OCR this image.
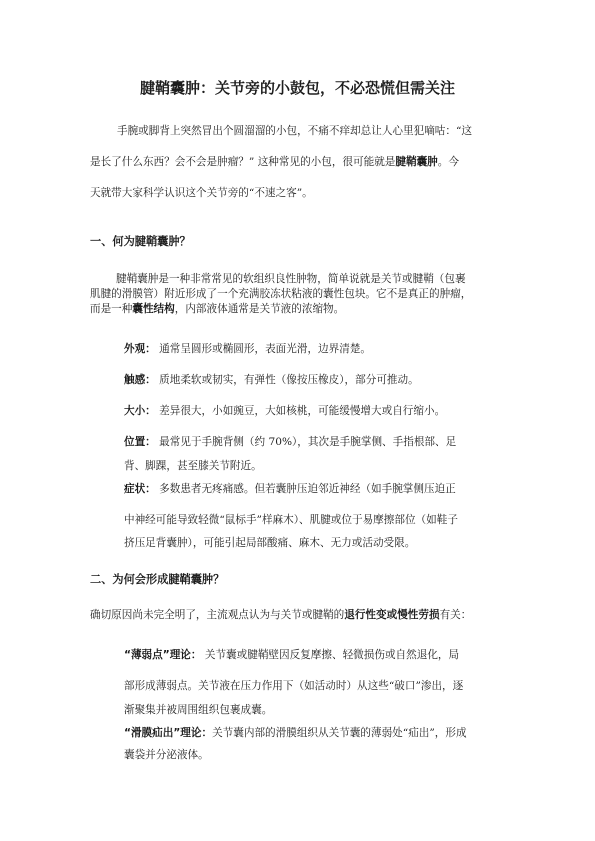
腱鞘囊肿：关节旁的小鼓包，不必恐慌但需关注
手腕或脚背上突然冒出个圆溜溜的小包，不痛不痒却总让人心里犯嘀咕：“这
是长了什么东西？会不会是肿瘤？” 这种常见的小包，很可能就是腱鞘囊肿。今
天就带大家科学认识这个关节旁的“不速之客”。
一、何为腱鞘囊肿？
腱鞘囊肿是一种非常常见的软组织良性肿物，简单说就是关节或腱鞘（包裹
肌腱的滑膜管）附近形成了一个充满胶冻状粘液的囊性包块。它不是真正的肿瘤，
而是一种囊性结构，内部液体通常是关节液的浓缩物。
外观： 通常呈圆形或椭圆形，表面光滑，边界清楚。
触感： 质地柔软或韧实，有弹性（像按压橡皮），部分可推动。
大小： 差异很大，小如豌豆，大如核桃，可能缓慢增大或自行缩小。
位置： 最常见于手腕背侧（约 70%），其次是手腕掌侧、手指根部、足
背、脚踝，甚至膝关节附近。
症状： 多数患者无疼痛感。但若囊肿压迫邻近神经（如手腕掌侧压迫正
中神经可能导致轻微“鼠标手”样麻木）、肌腱或位于易摩擦部位（如鞋子
挤压足背囊肿），可能引起局部酸痛、麻木、无力或活动受限。
二、为何会形成腱鞘囊肿？
确切原因尚未完全明了，主流观点认为与关节或腱鞘的退行性变或慢性劳损有关：
“薄弱点”理论： 关节囊或腱鞘壁因反复摩擦、轻微损伤或自然退化，局
部形成薄弱点。关节液在压力作用下（如活动时）从这些“破口”渗出，逐
渐聚集并被周围组织包裹成囊。
“滑膜疝出”理论：关节囊内部的滑膜组织从关节囊的薄弱处“疝出”，形成
囊袋并分泌液体。
